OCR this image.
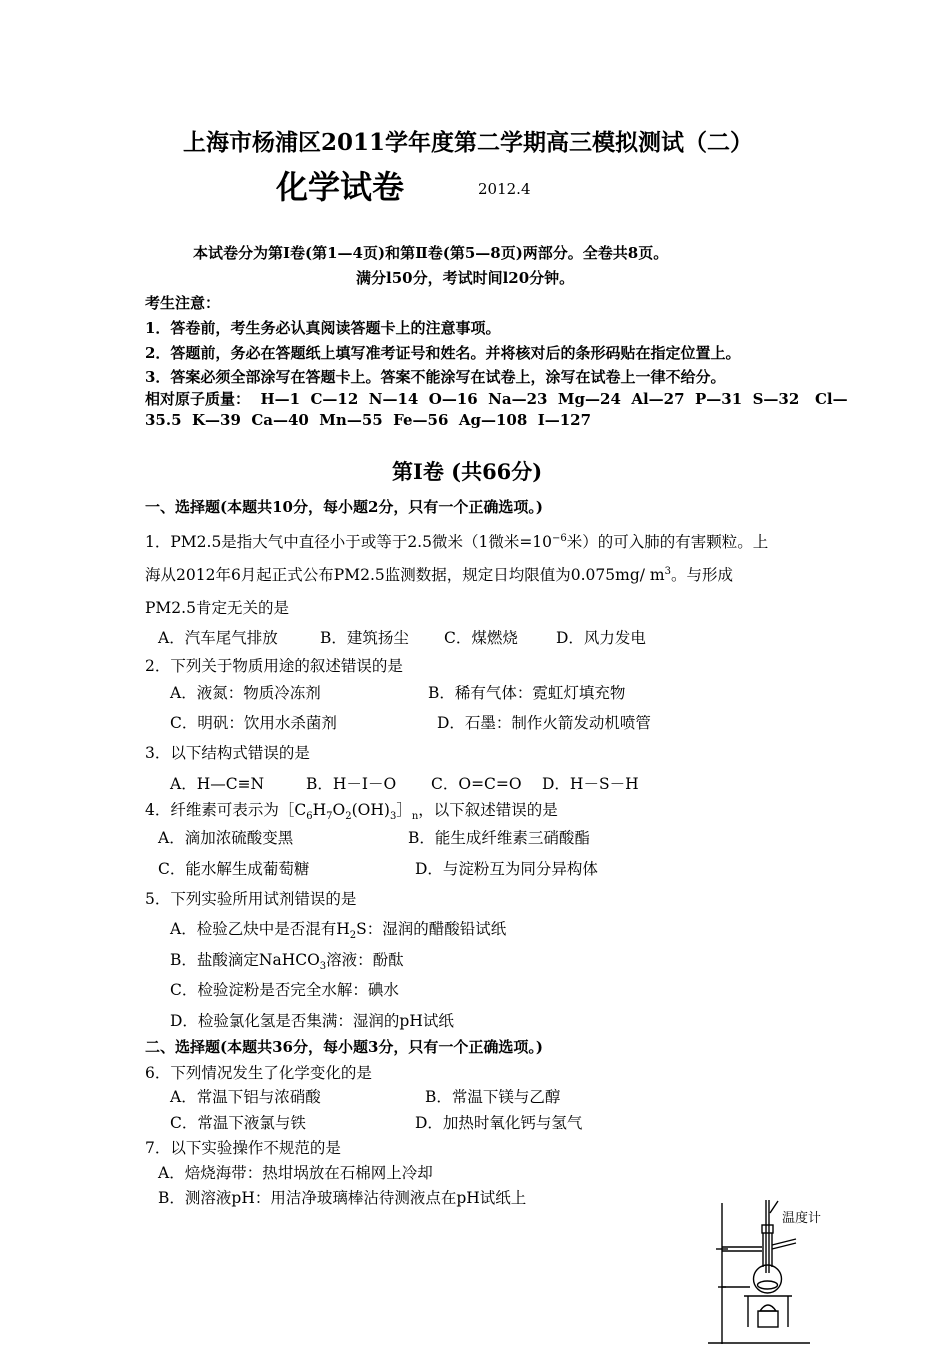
上海市杨浦区2011学年度第二学期高三模拟测试（二）
化学试卷	2012.4
本试卷分为第I卷(第1—4页)和第Ⅱ卷(第5—8页)两部分。全卷共8页。
满分l50分，考试时间l20分钟。
考生注意：
1．答卷前，考生务必认真阅读答题卡上的注意事项。
2．答题前，务必在答题纸上填写准考证号和姓名。并将核对后的条形码贴在指定位置上。
3．答案必须全部涂写在答题卡上。答案不能涂写在试卷上，涂写在试卷上一律不给分。
相对原子质量：  H—1  C—12  N—14  O—16  Na—23  Mg—24  Al—27  P—31  S—32   Cl—
35.5  K—39  Ca—40  Mn—55  Fe—56  Ag—108  I—127
第I卷 (共66分)
一、选择题(本题共10分，每小题2分，只有一个正确选项。)
1．PM2.5是指大气中直径小于或等于2.5微米（1微米$=10^{-6}$米）的可入肺的有害颗粒。上
海从2012年6月起正式公布PM2.5监测数据，规定日均限值为0.075mg/ $m^3$。与形成
PM2.5肯定无关的是
A．汽车尾气排放	B．建筑扬尘 C．煤燃烧 D．风力发电
2．下列关于物质用途的叙述错误的是
A．液氮：物质冷冻剂	B．稀有气体：霓虹灯填充物
C．明矾：饮用水杀菌剂	D．石墨：制作火箭发动机喷管
3．以下结构式错误的是
A．H—C≡N	B．H－I－O C．O=C=O D．H－S－H
4．纤维素可表示为$[C_6H_7O_2(OH)_3]_n$，以下叙述错误的是
A．滴加浓硫酸变黑	B．能生成纤维素三硝酸酯
C．能水解生成葡萄糖	D．与淀粉互为同分异构体
5．下列实验所用试剂错误的是
A．检验乙炔中是否混有$H_2S$：湿润的醋酸铅试纸
B．盐酸滴定NaHCO$_3$溶液：酚酞
C．检验淀粉是否完全水解：碘水
D．检验氯化氢是否集满：湿润的pH试纸
二、选择题(本题共36分，每小题3分，只有一个正确选项。)
6．下列情况发生了化学变化的是
A．常温下铝与浓硝酸	B．常温下镁与乙醇
C．常温下液氯与铁	D．加热时氧化钙与氢气
7．以下实验操作不规范的是
A．焙烧海带：热坩埚放在石棉网上冷却
B．测溶液pH：用洁净玻璃棒沾待测液点在pH试纸上
温度计
